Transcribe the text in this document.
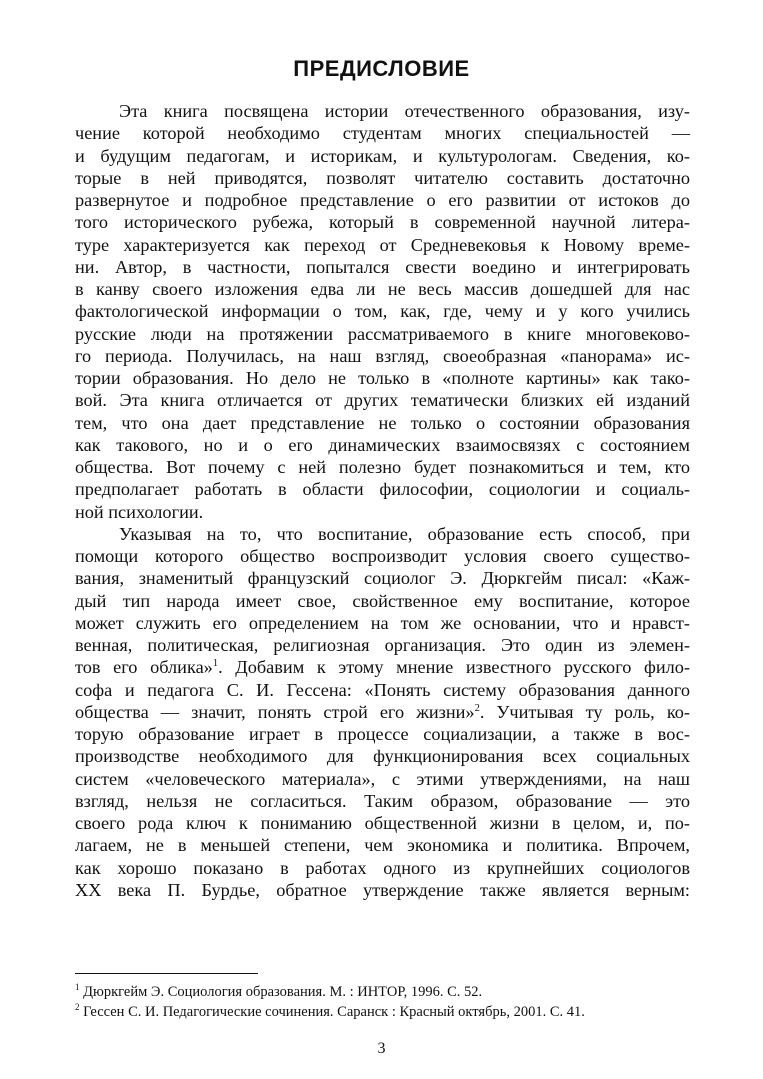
ПРЕДИСЛОВИЕ
Эта книга посвящена истории отечественного образования, изу-
чение которой необходимо студентам многих специальностей —
и будущим педагогам, и историкам, и культурологам. Сведения, ко-
торые в ней приводятся, позволят читателю составить достаточно
развернутое и подробное представление о его развитии от истоков до
того исторического рубежа, который в современной научной литера-
туре характеризуется как переход от Средневековья к Новому време-
ни. Автор, в частности, попытался свести воедино и интегрировать
в канву своего изложения едва ли не весь массив дошедшей для нас
фактологической информации о том, как, где, чему и у кого учились
русские люди на протяжении рассматриваемого в книге многовеково-
го периода. Получилась, на наш взгляд, своеобразная «панорама» ис-
тории образования. Но дело не только в «полноте картины» как тако-
вой. Эта книга отличается от других тематически близких ей изданий
тем, что она дает представление не только о состоянии образования
как такового, но и о его динамических взаимосвязях с состоянием
общества. Вот почему с ней полезно будет познакомиться и тем, кто
предполагает работать в области философии, социологии и социаль-
ной психологии.
Указывая на то, что воспитание, образование есть способ, при
помощи которого общество воспроизводит условия своего существо-
вания, знаменитый французский социолог Э. Дюркгейм писал: «Каж-
дый тип народа имеет свое, свойственное ему воспитание, которое
может служить его определением на том же основании, что и нравст-
венная, политическая, религиозная организация. Это один из элемен-
тов его облика»$^1$. Добавим к этому мнение известного русского фило-
софа и педагога С. И. Гессена: «Понять систему образования данного
общества — значит, понять строй его жизни»$^2$. Учитывая ту роль, ко-
торую образование играет в процессе социализации, а также в вос-
производстве необходимого для функционирования всех социальных
систем «человеческого материала», с этими утверждениями, на наш
взгляд, нельзя не согласиться. Таким образом, образование — это
своего рода ключ к пониманию общественной жизни в целом, и, по-
лагаем, не в меньшей степени, чем экономика и политика. Впрочем,
как хорошо показано в работах одного из крупнейших социологов
XX века П. Бурдье, обратное утверждение также является верным:
$^1$ Дюркгейм Э. Социология образования. М. : ИНТОР, 1996. С. 52.
$^2$ Гессен С. И. Педагогические сочинения. Саранск : Красный октябрь, 2001. С. 41.
3
